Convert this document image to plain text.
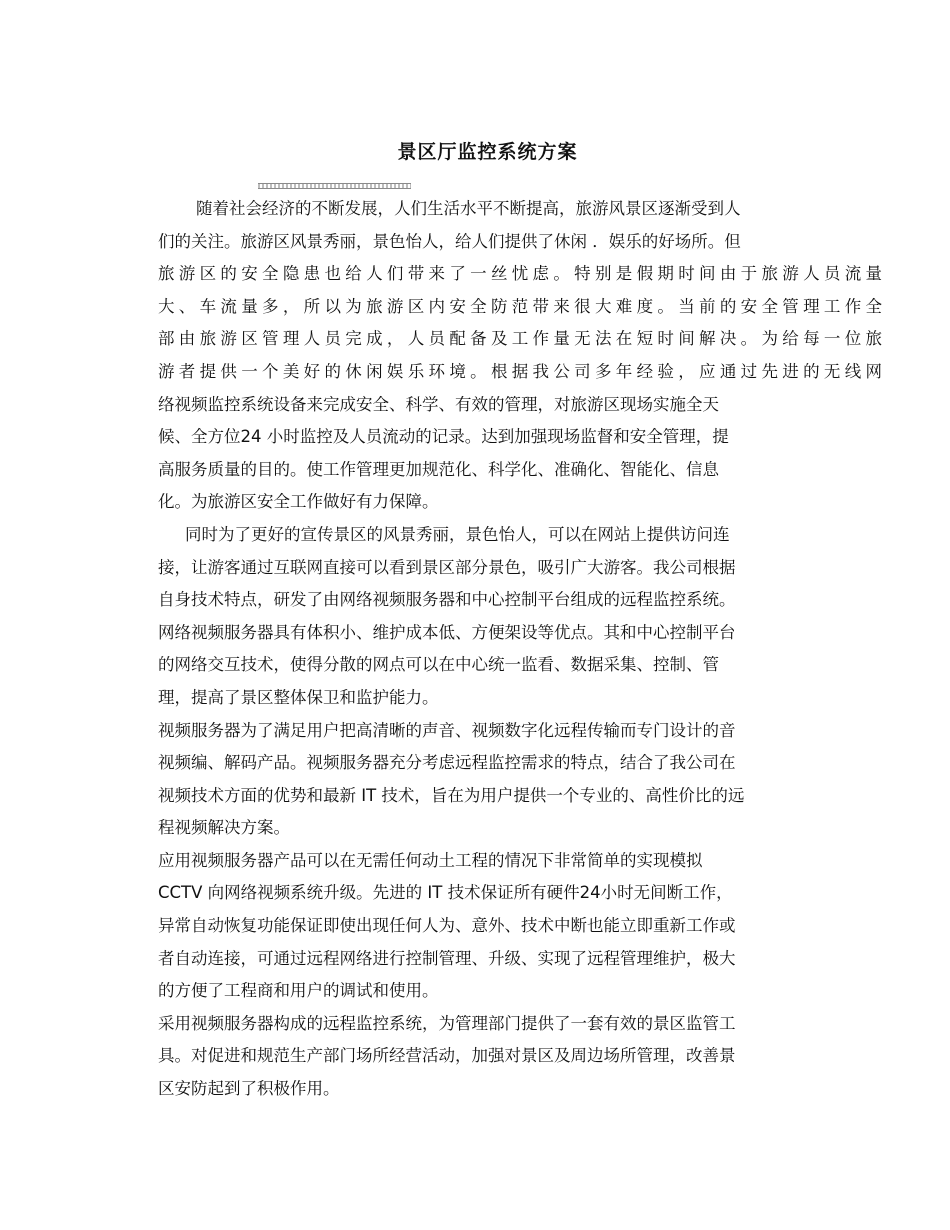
景区厅监控系统方案
随着社会经济的不断发展，人们生活水平不断提高，旅游风景区逐渐受到人
们的关注。旅游区风景秀丽，景色怡人，给人们提供了休闲 ．娱乐的好场所。但
旅游区的安全隐患也给人们带来了一丝忧虑。特别是假期时间由于旅游人员流量
大、车流量多，所以为旅游区内安全防范带来很大难度。当前的安全管理工作全
部由旅游区管理人员完成，人员配备及工作量无法在短时间解决。为给每一位旅
游者提供一个美好的休闲娱乐环境。根据我公司多年经验，应通过先进的无线网
络视频监控系统设备来完成安全、科学、有效的管理，对旅游区现场实施全天
候、全方位24 小时监控及人员流动的记录。达到加强现场监督和安全管理，提
高服务质量的目的。使工作管理更加规范化、科学化、准确化、智能化、信息
化。为旅游区安全工作做好有力保障。
同时为了更好的宣传景区的风景秀丽，景色怡人，可以在网站上提供访问连
接，让游客通过互联网直接可以看到景区部分景色，吸引广大游客。我公司根据
自身技术特点，研发了由网络视频服务器和中心控制平台组成的远程监控系统。
网络视频服务器具有体积小、维护成本低、方便架设等优点。其和中心控制平台
的网络交互技术，使得分散的网点可以在中心统一监看、数据采集、控制、管
理，提高了景区整体保卫和监护能力。
视频服务器为了满足用户把高清晰的声音、视频数字化远程传输而专门设计的音
视频编、解码产品。视频服务器充分考虑远程监控需求的特点，结合了我公司在
视频技术方面的优势和最新 IT 技术，旨在为用户提供一个专业的、高性价比的远
程视频解决方案。
应用视频服务器产品可以在无需任何动土工程的情况下非常简单的实现模拟
CCTV 向网络视频系统升级。先进的 IT 技术保证所有硬件24小时无间断工作，
异常自动恢复功能保证即使出现任何人为、意外、技术中断也能立即重新工作或
者自动连接，可通过远程网络进行控制管理、升级、实现了远程管理维护，极大
的方便了工程商和用户的调试和使用。
采用视频服务器构成的远程监控系统，为管理部门提供了一套有效的景区监管工
具。对促进和规范生产部门场所经营活动，加强对景区及周边场所管理，改善景
区安防起到了积极作用。
